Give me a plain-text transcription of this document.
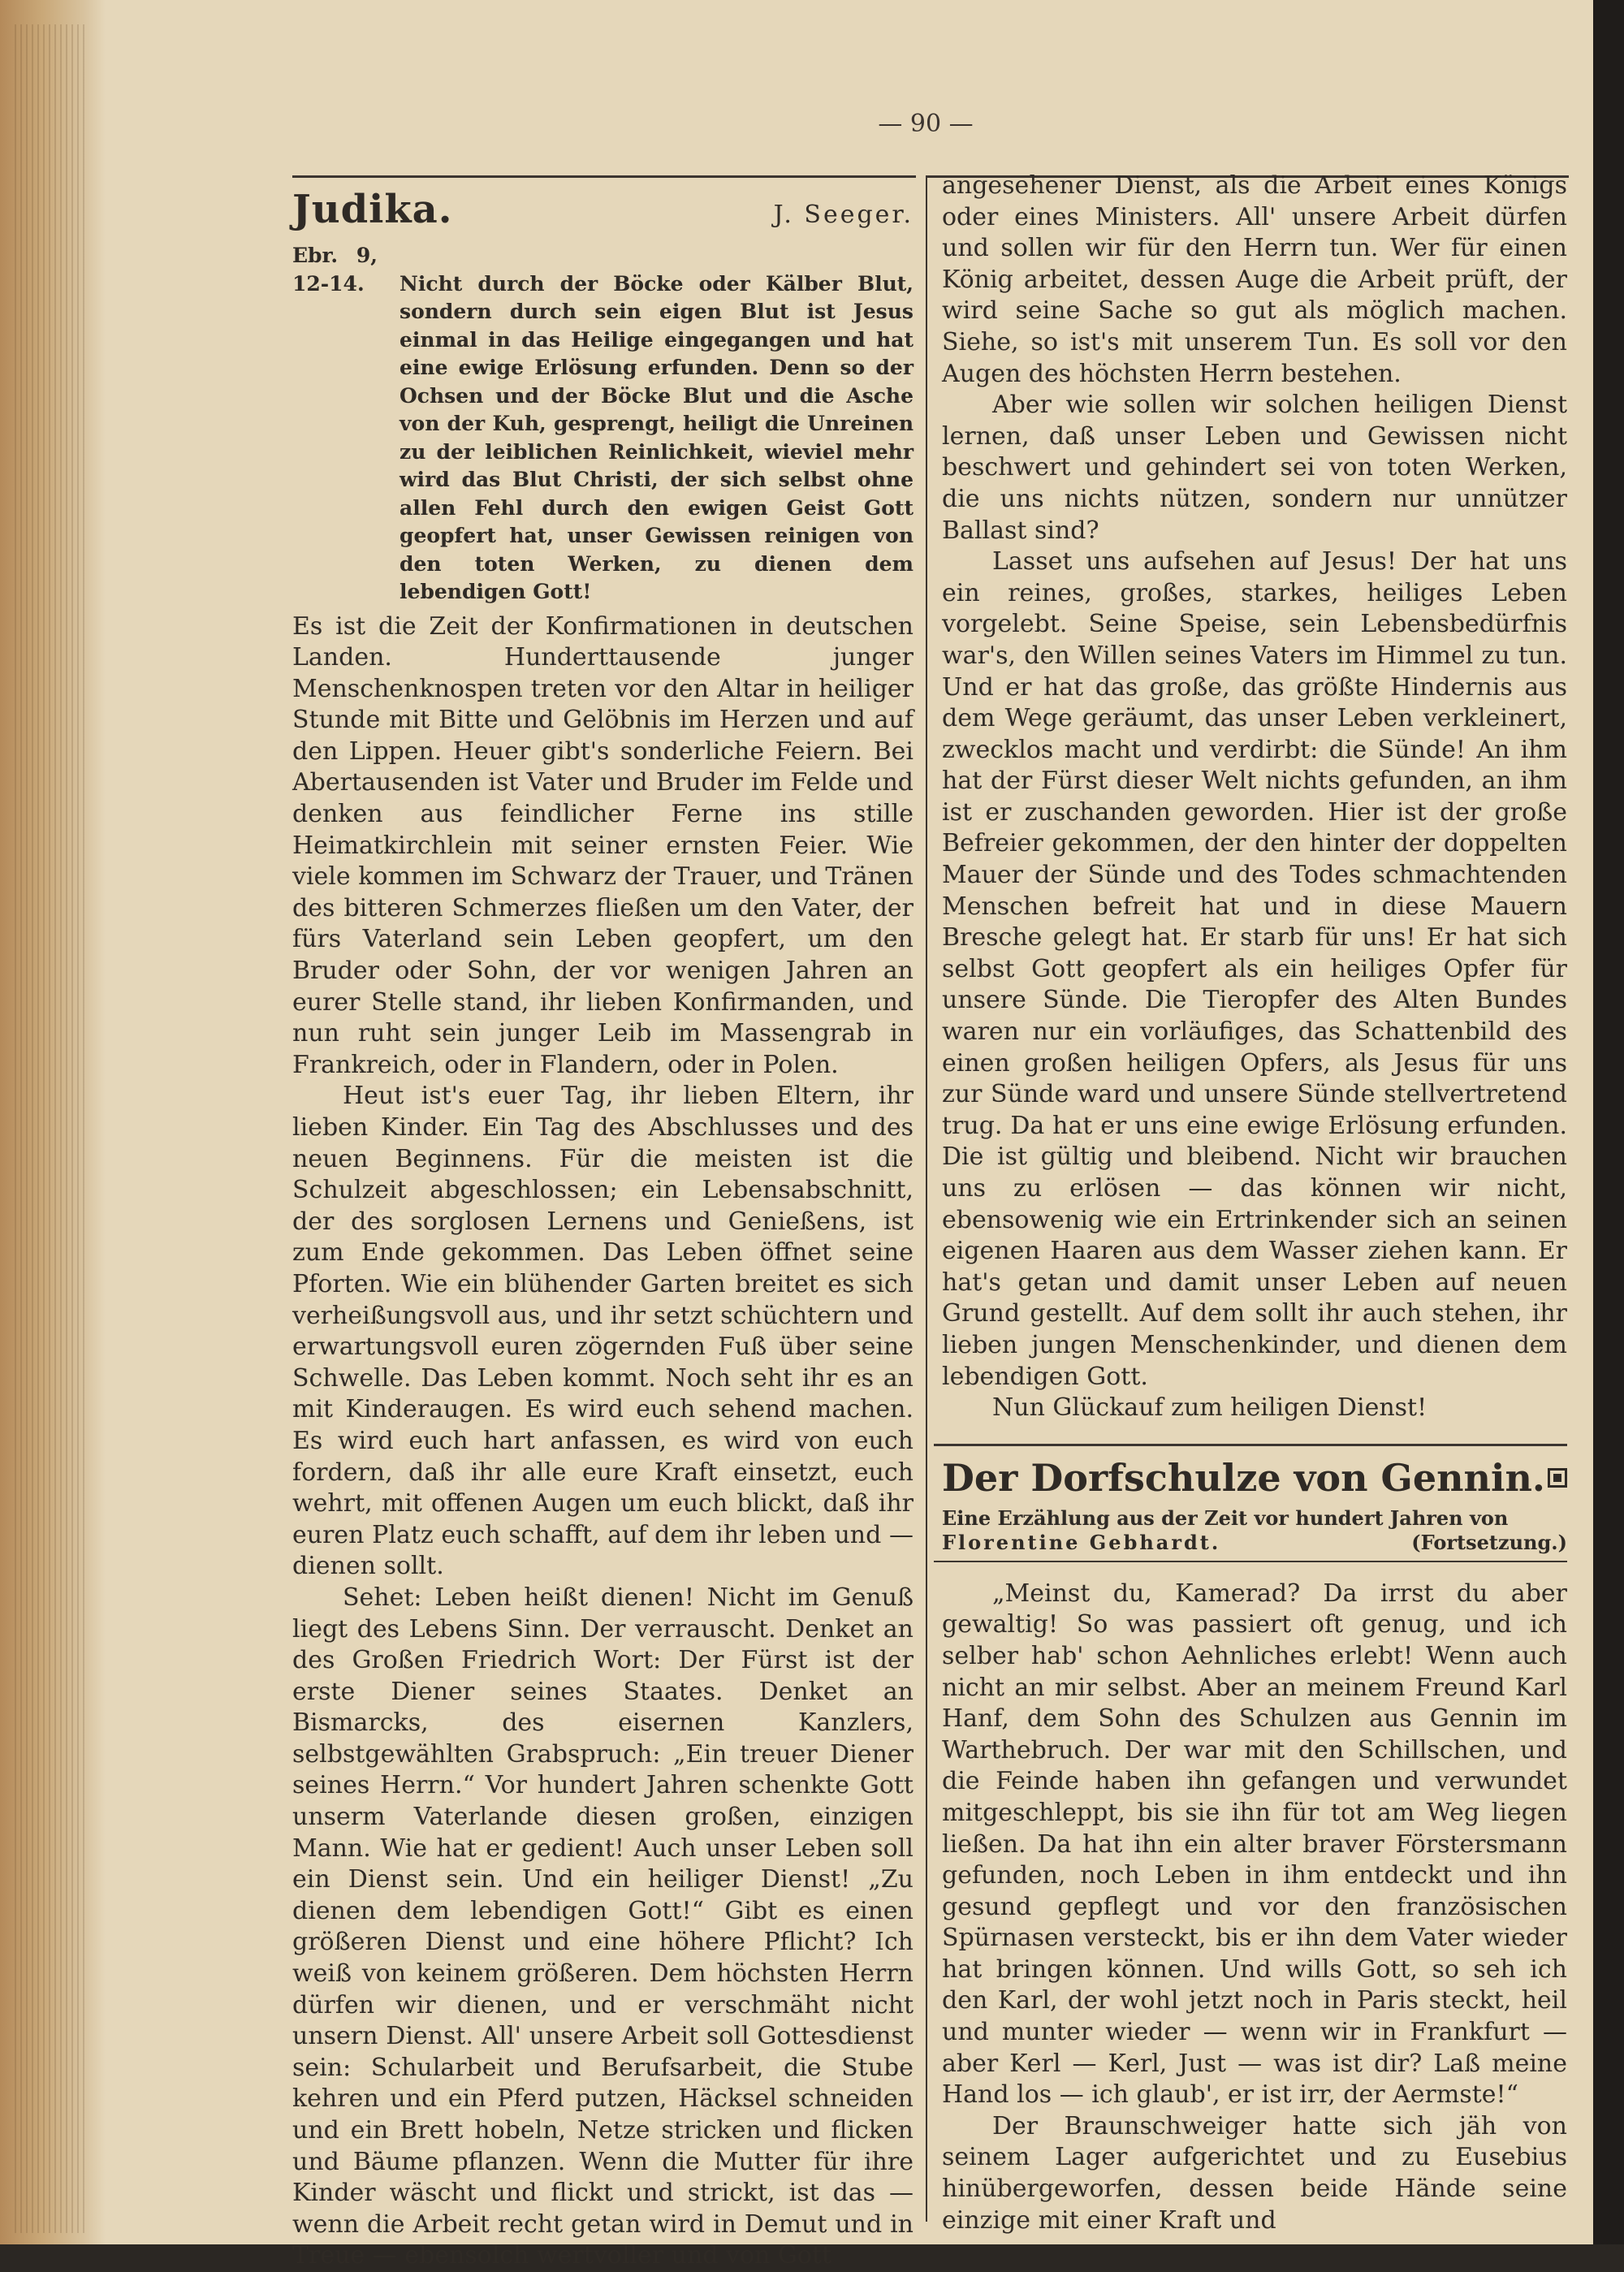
— 90 —
Judika.	J. Seeger.
Ebr. 9, 12-14. Nicht durch der Böcke oder Kälber Blut, sondern durch sein eigen Blut ist Jesus einmal in das Heilige eingegangen und hat eine ewige Erlösung erfunden. Denn so der Ochsen und der Böcke Blut und die Asche von der Kuh, gesprengt, heiligt die Unreinen zu der leiblichen Reinlichkeit, wieviel mehr wird das Blut Christi, der sich selbst ohne allen Fehl durch den ewigen Geist Gott geopfert hat, unser Gewissen reinigen von den toten Werken, zu dienen dem lebendigen Gott!

Es ist die Zeit der Konfirmationen in deutschen Landen. Hunderttausende junger Menschenknospen treten vor den Altar in heiliger Stunde mit Bitte und Gelöbnis im Herzen und auf den Lippen. Heuer gibt's sonderliche Feiern. Bei Abertausenden ist Vater und Bruder im Felde und denken aus feindlicher Ferne ins stille Heimatkirchlein mit seiner ernsten Feier. Wie viele kommen im Schwarz der Trauer, und Tränen des bitteren Schmerzes fließen um den Vater, der fürs Vaterland sein Leben geopfert, um den Bruder oder Sohn, der vor wenigen Jahren an eurer Stelle stand, ihr lieben Konfirmanden, und nun ruht sein junger Leib im Massengrab in Frankreich, oder in Flandern, oder in Polen.

Heut ist's euer Tag, ihr lieben Eltern, ihr lieben Kinder. Ein Tag des Abschlusses und des neuen Beginnens. Für die meisten ist die Schulzeit abgeschlossen; ein Lebensabschnitt, der des sorglosen Lernens und Genießens, ist zum Ende gekommen. Das Leben öffnet seine Pforten. Wie ein blühender Garten breitet es sich verheißungsvoll aus, und ihr setzt schüchtern und erwartungsvoll euren zögernden Fuß über seine Schwelle. Das Leben kommt. Noch seht ihr es an mit Kinderaugen. Es wird euch sehend machen. Es wird euch hart anfassen, es wird von euch fordern, daß ihr alle eure Kraft einsetzt, euch wehrt, mit offenen Augen um euch blickt, daß ihr euren Platz euch schafft, auf dem ihr leben und — dienen sollt.

Sehet: Leben heißt dienen! Nicht im Genuß liegt des Lebens Sinn. Der verrauscht. Denket an des Großen Friedrich Wort: Der Fürst ist der erste Diener seines Staates. Denket an Bismarcks, des eisernen Kanzlers, selbstgewählten Grabspruch: „Ein treuer Diener seines Herrn.“ Vor hundert Jahren schenkte Gott unserm Vaterlande diesen großen, einzigen Mann. Wie hat er gedient! Auch unser Leben soll ein Dienst sein. Und ein heiliger Dienst! „Zu dienen dem lebendigen Gott!“ Gibt es einen größeren Dienst und eine höhere Pflicht? Ich weiß von keinem größeren. Dem höchsten Herrn dürfen wir dienen, und er verschmäht nicht unsern Dienst. All' unsere Arbeit soll Gottesdienst sein: Schularbeit und Berufsarbeit, die Stube kehren und ein Pferd putzen, Häcksel schneiden und ein Brett hobeln, Netze stricken und flicken und Bäume pflanzen. Wenn die Mutter für ihre Kinder wäscht und flickt und strickt, ist das — wenn die Arbeit recht getan wird in Demut und in Treue — ebensolch wertvoller und von Gott

angesehener Dienst, als die Arbeit eines Königs oder eines Ministers. All' unsere Arbeit dürfen und sollen wir für den Herrn tun. Wer für einen König arbeitet, dessen Auge die Arbeit prüft, der wird seine Sache so gut als möglich machen. Siehe, so ist's mit unserem Tun. Es soll vor den Augen des höchsten Herrn bestehen.

Aber wie sollen wir solchen heiligen Dienst lernen, daß unser Leben und Gewissen nicht beschwert und gehindert sei von toten Werken, die uns nichts nützen, sondern nur unnützer Ballast sind?

Lasset uns aufsehen auf Jesus! Der hat uns ein reines, großes, starkes, heiliges Leben vorgelebt. Seine Speise, sein Lebensbedürfnis war's, den Willen seines Vaters im Himmel zu tun. Und er hat das große, das größte Hindernis aus dem Wege geräumt, das unser Leben verkleinert, zwecklos macht und verdirbt: die Sünde! An ihm hat der Fürst dieser Welt nichts gefunden, an ihm ist er zuschanden geworden. Hier ist der große Befreier gekommen, der den hinter der doppelten Mauer der Sünde und des Todes schmachtenden Menschen befreit hat und in diese Mauern Bresche gelegt hat. Er starb für uns! Er hat sich selbst Gott geopfert als ein heiliges Opfer für unsere Sünde. Die Tieropfer des Alten Bundes waren nur ein vorläufiges, das Schattenbild des einen großen heiligen Opfers, als Jesus für uns zur Sünde ward und unsere Sünde stellvertretend trug. Da hat er uns eine ewige Erlösung erfunden. Die ist gültig und bleibend. Nicht wir brauchen uns zu erlösen — das können wir nicht, ebensowenig wie ein Ertrinkender sich an seinen eigenen Haaren aus dem Wasser ziehen kann. Er hat's getan und damit unser Leben auf neuen Grund gestellt. Auf dem sollt ihr auch stehen, ihr lieben jungen Menschenkinder, und dienen dem lebendigen Gott.

Nun Glückauf zum heiligen Dienst!

Der Dorfschulze von Gennin.
Eine Erzählung aus der Zeit vor hundert Jahren von
Florentine Gebhardt.	(Fortsetzung.)

„Meinst du, Kamerad? Da irrst du aber gewaltig! So was passiert oft genug, und ich selber hab' schon Aehnliches erlebt! Wenn auch nicht an mir selbst. Aber an meinem Freund Karl Hanf, dem Sohn des Schulzen aus Gennin im Warthebruch. Der war mit den Schillschen, und die Feinde haben ihn gefangen und verwundet mitgeschleppt, bis sie ihn für tot am Weg liegen ließen. Da hat ihn ein alter braver Förstersmann gefunden, noch Leben in ihm entdeckt und ihn gesund gepflegt und vor den französischen Spürnasen versteckt, bis er ihn dem Vater wieder hat bringen können. Und wills Gott, so seh ich den Karl, der wohl jetzt noch in Paris steckt, heil und munter wieder — wenn wir in Frankfurt — aber Kerl — Kerl, Just — was ist dir? Laß meine Hand los — ich glaub', er ist irr, der Aermste!“

Der Braunschweiger hatte sich jäh von seinem Lager aufgerichtet und zu Eusebius hinübergeworfen, dessen beide Hände seine einzige mit einer Kraft und
